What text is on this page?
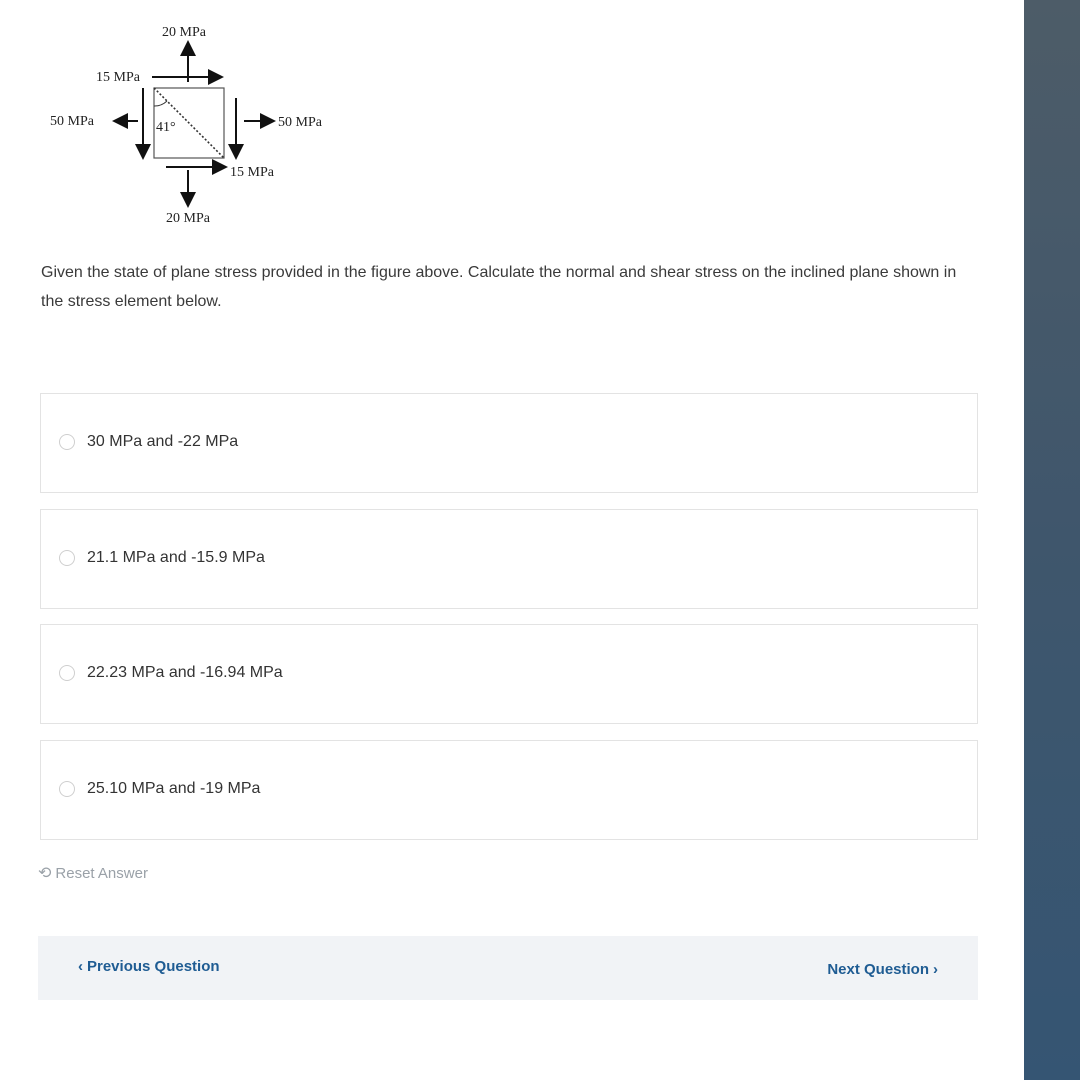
41°
20 MPa
20 MPa
50 MPa	50 MPa
15 MPa
15 MPa
Given the state of plane stress provided in the figure above. Calculate the normal and shear stress on the inclined plane shown in the stress element below.
30 MPa and -22 MPa
21.1 MPa and -15.9 MPa
22.23 MPa and -16.94 MPa
25.10 MPa and -19 MPa
⟲ Reset Answer
‹ Previous Question	Next Question ›
